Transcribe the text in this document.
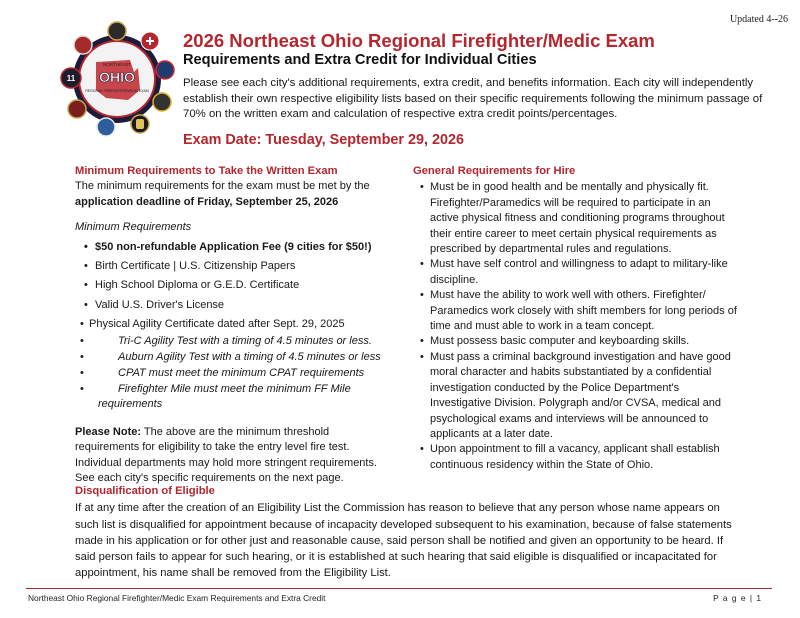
Updated 4--26
NORTHEAST
OHIO
REGIONAL FIREFIGHTER/MEDIC EXAM
11
2026 Northeast Ohio Regional Firefighter/Medic Exam
Requirements and Extra Credit for Individual Cities

Please see each city's additional requirements, extra credit, and benefits information. Each city will independently establish their own respective eligibility lists based on their specific requirements following the minimum passage of 70% on the written exam and calculation of respective extra credit points/percentages.

Exam Date: Tuesday, September 29, 2026
Minimum Requirements to Take the Written Exam
The minimum requirements for the exam must be met by the
application deadline of Friday, September 25, 2026
Minimum Requirements
• $50 non-refundable Application Fee (9 cities for $50!)
• Birth Certificate | U.S. Citizenship Papers
• High School Diploma or G.E.D. Certificate
• Valid U.S. Driver's License
• Physical Agility Certificate dated after Sept. 29, 2025
•	Tri-C Agility Test with a timing of 4.5 minutes or less.
•	Auburn Agility Test with a timing of 4.5 minutes or less
•	CPAT must meet the minimum CPAT requirements
•	Firefighter Mile must meet the minimum FF Mile
requirements

Please Note: The above are the minimum threshold requirements for eligibility to take the entry level fire test. Individual departments may hold more stringent requirements. See each city's specific requirements on the next page.

General Requirements for Hire
• Must be in good health and be mentally and physically fit. Firefighter/Paramedics will be required to participate in an active physical fitness and conditioning programs throughout their entire career to meet certain physical requirements as prescribed by departmental rules and regulations.
• Must have self control and willingness to adapt to military-like discipline.
• Must have the ability to work well with others. Firefighter/ Paramedics work closely with shift members for long periods of time and must able to work in a team concept.
• Must possess basic computer and keyboarding skills.
• Must pass a criminal background investigation and have good moral character and habits substantiated by a confidential investigation conducted by the Police Department's Investigative Division. Polygraph and/or CVSA, medical and psychological exams and interviews will be announced to applicants at a later date.
• Upon appointment to fill a vacancy, applicant shall establish continuous residency within the State of Ohio.
Disqualification of Eligible

If at any time after the creation of an Eligibility List the Commission has reason to believe that any person whose name appears on such list is disqualified for appointment because of incapacity developed subsequent to his examination, because of false statements made in his application or for other just and reasonable cause, said person shall be notified and given an opportunity to be heard. If said person fails to appear for such hearing, or it is established at such hearing that said eligible is disqualified or incapacitated for appointment, his name shall be removed from the Eligibility List.

Northeast Ohio Regional Firefighter/Medic Exam Requirements and Extra Credit	P a g e | 1
